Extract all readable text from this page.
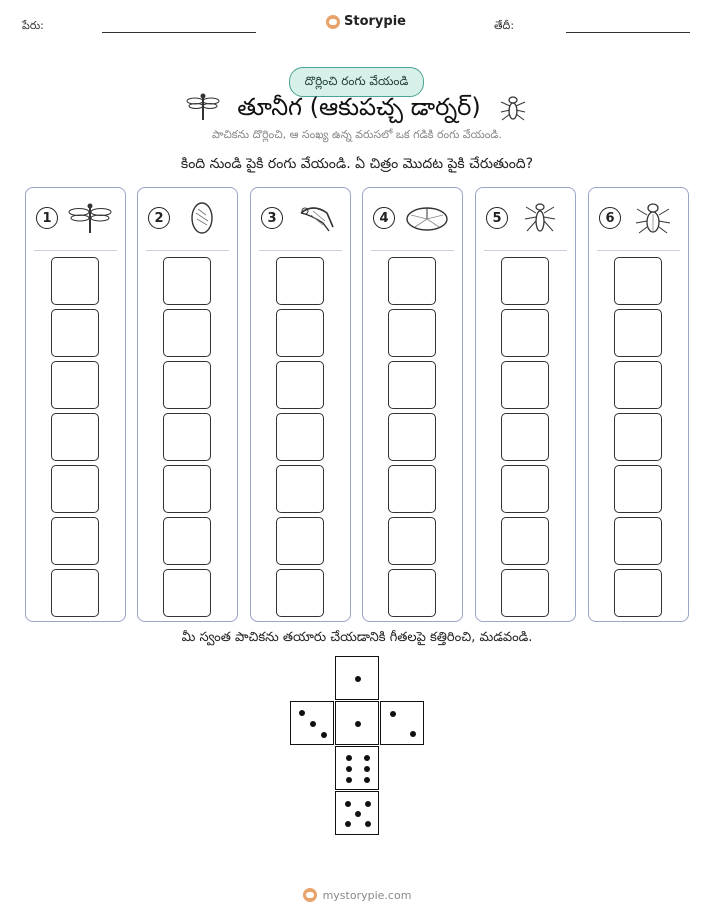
పేరు:	Storypie	తేదీ:
దొర్లించి రంగు వేయండి
తూనీగ (ఆకుపచ్చ డార్నర్)
పాచికను దొర్లించి, ఆ సంఖ్య ఉన్న వరుసలో ఒక గడికి రంగు వేయండి.
కింది నుండి పైకి రంగు వేయండి. ఏ చిత్రం మొదట పైకి చేరుతుంది?
1	2	3	4	5	6
మీ స్వంత పాచికను తయారు చేయడానికి గీతలపై కత్తిరించి, మడవండి.
mystorypie.com
